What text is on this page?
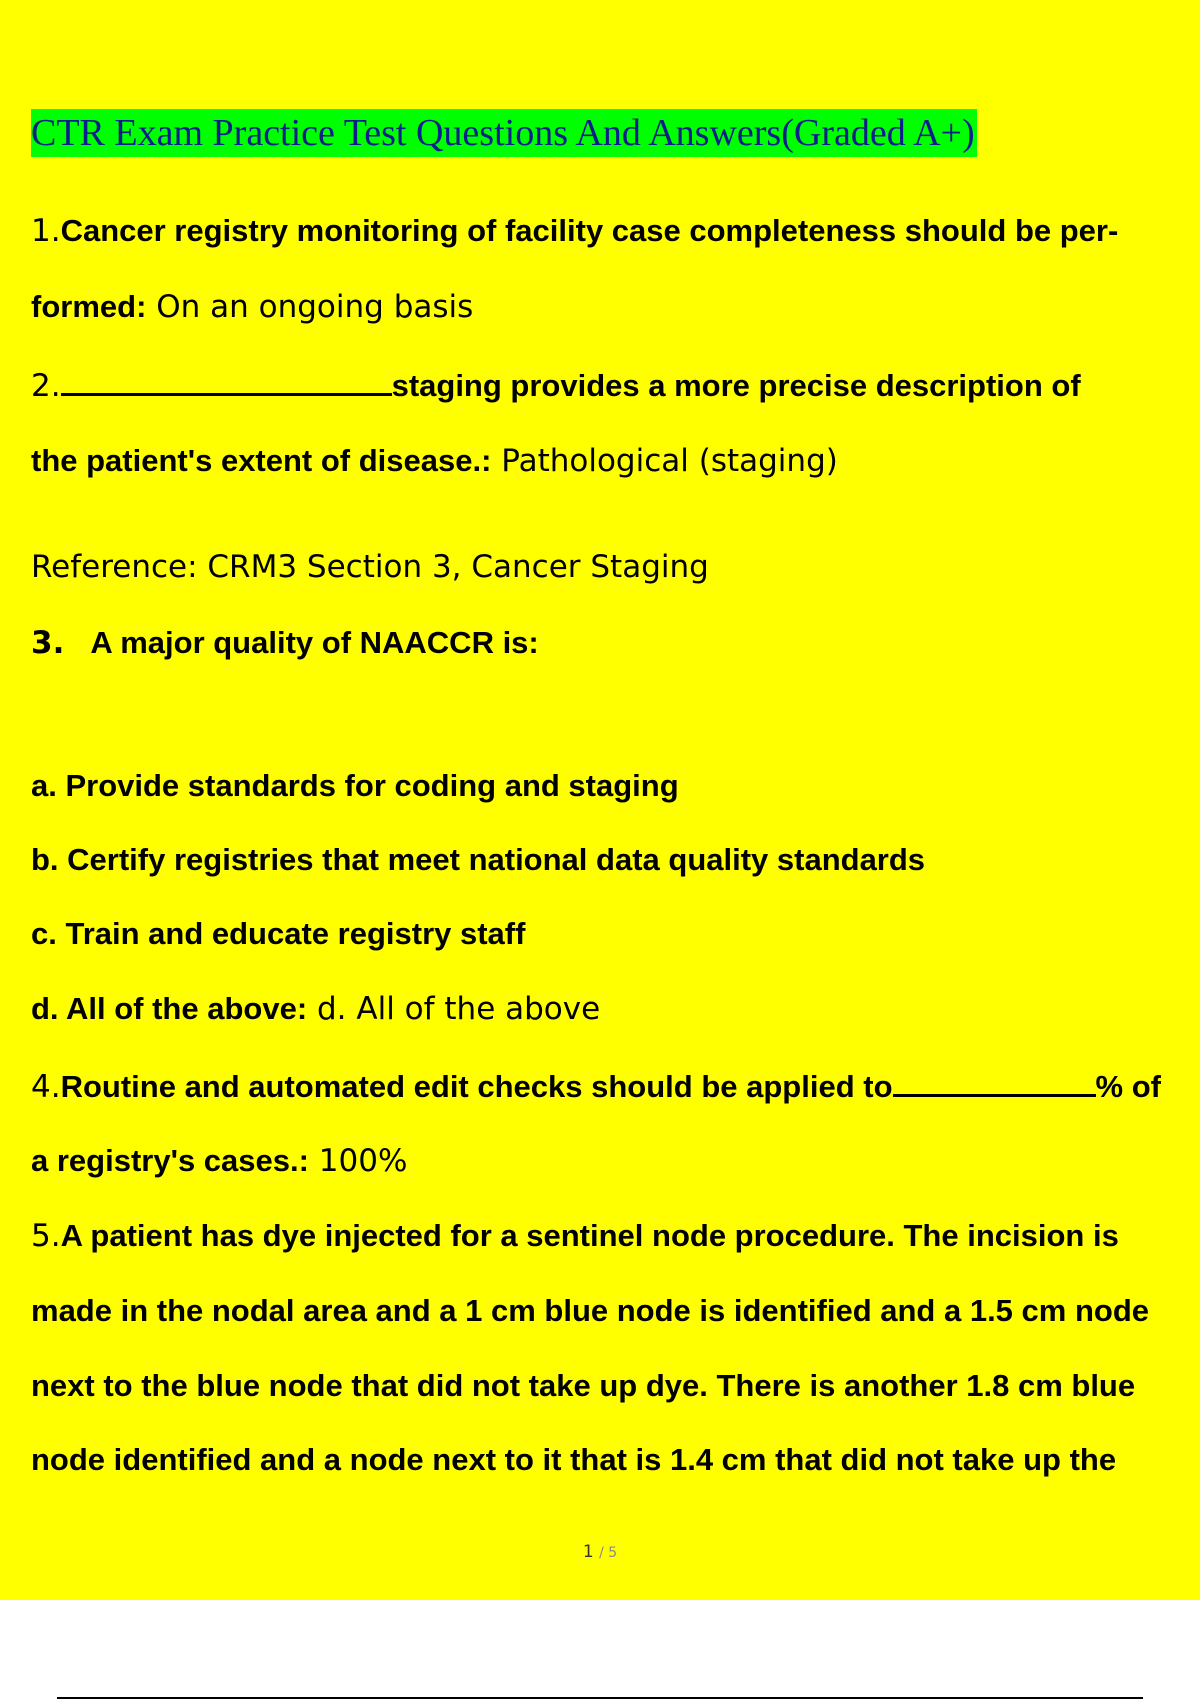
CTR Exam Practice Test Questions And Answers(Graded A+)
1.Cancer registry monitoring of facility case completeness should be per-
formed: On an ongoing basis
2.	staging provides a more precise description of
the patient's extent of disease.: Pathological (staging)
Reference: CRM3 Section 3, Cancer Staging
3. A major quality of NAACCR is:
a. Provide standards for coding and staging
b. Certify registries that meet national data quality standards
c. Train and educate registry staff
d. All of the above: d. All of the above
4.Routine and automated edit checks should be applied to	% of
a registry's cases.: 100%
5.A patient has dye injected for a sentinel node procedure. The incision is
made in the nodal area and a 1 cm blue node is identified and a 1.5 cm node
next to the blue node that did not take up dye. There is another 1.8 cm blue
node identified and a node next to it that is 1.4 cm that did not take up the
1 / 5
